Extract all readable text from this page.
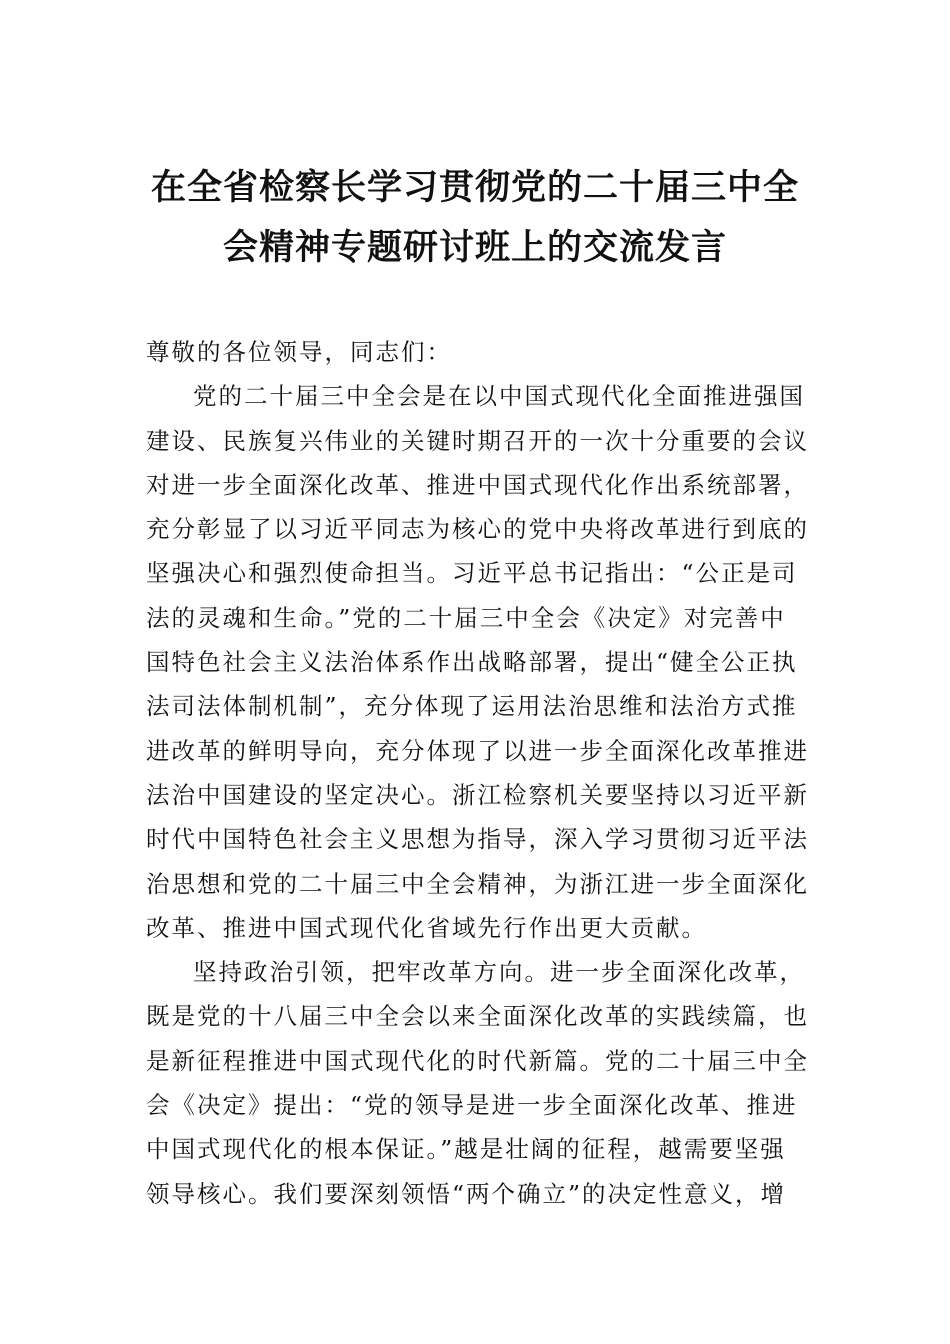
在全省检察长学习贯彻党的二十届三中全
会精神专题研讨班上的交流发言

尊敬的各位领导，同志们：

党的二十届三中全会是在以中国式现代化全面推进强国
建设、民族复兴伟业的关键时期召开的一次十分重要的会议
对进一步全面深化改革、推进中国式现代化作出系统部署，
充分彰显了以习近平同志为核心的党中央将改革进行到底的
坚强决心和强烈使命担当。习近平总书记指出：“公正是司
法的灵魂和生命。”党的二十届三中全会《决定》对完善中
国特色社会主义法治体系作出战略部署，提出“健全公正执
法司法体制机制”，充分体现了运用法治思维和法治方式推
进改革的鲜明导向，充分体现了以进一步全面深化改革推进
法治中国建设的坚定决心。浙江检察机关要坚持以习近平新
时代中国特色社会主义思想为指导，深入学习贯彻习近平法
治思想和党的二十届三中全会精神，为浙江进一步全面深化
改革、推进中国式现代化省域先行作出更大贡献。

坚持政治引领，把牢改革方向。进一步全面深化改革，
既是党的十八届三中全会以来全面深化改革的实践续篇，也
是新征程推进中国式现代化的时代新篇。党的二十届三中全
会《决定》提出：“党的领导是进一步全面深化改革、推进
中国式现代化的根本保证。”越是壮阔的征程，越需要坚强
领导核心。我们要深刻领悟“两个确立”的决定性意义，增
